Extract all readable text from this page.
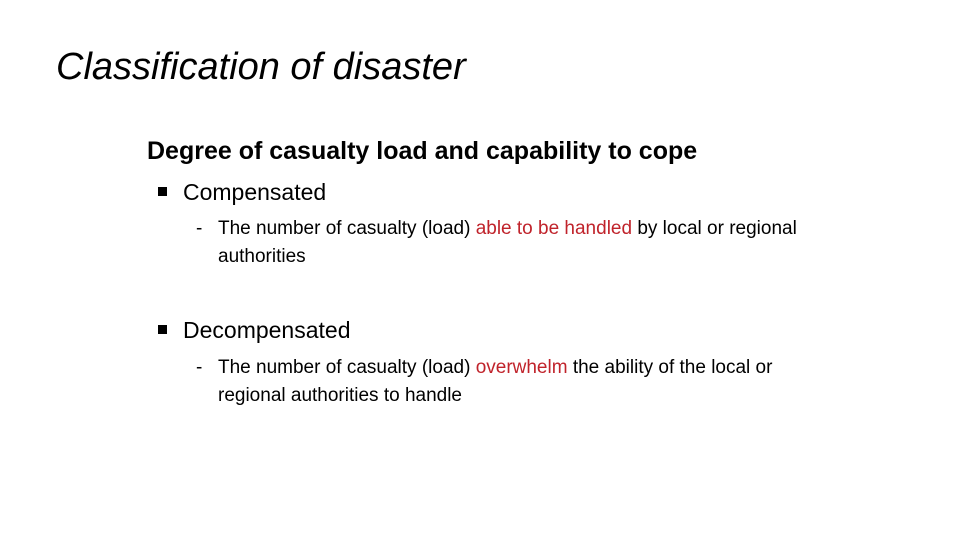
Classification of disaster
Degree of casualty load and capability to cope
Compensated
- The number of casualty (load) able to be handled by local or regional authorities
Decompensated
- The number of casualty (load) overwhelm the ability of the local or regional authorities to handle
